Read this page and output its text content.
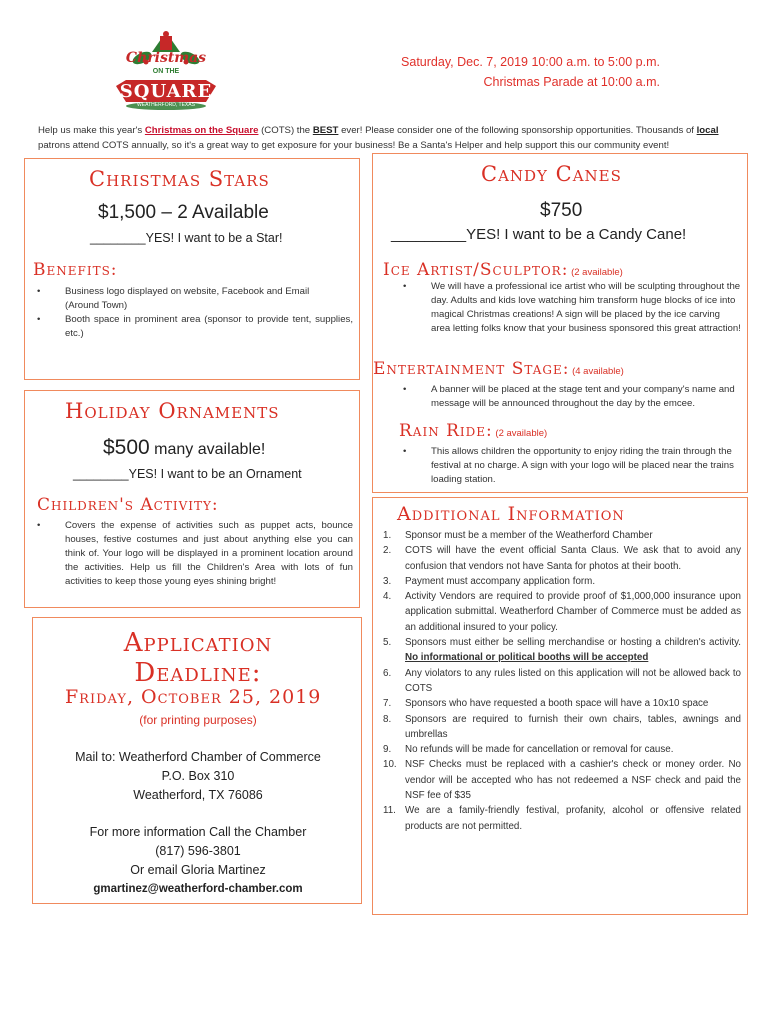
Christmas
ON THE
SQUARE
WEATHERFORD, TEXAS
Saturday, Dec. 7, 2019 10:00 a.m. to 5:00 p.m.
Christmas Parade at 10:00 a.m.
Help us make this year's Christmas on the Square (COTS) the BEST ever! Please consider one of the following sponsorship opportunities. Thousands of local patrons attend COTS annually, so it's a great way to get exposure for your business! Be a Santa's Helper and help support this our community event!
Christmas Stars
$1,500 – 2 Available
________YES! I want to be a Star!
Benefits:
• Business logo displayed on website, Facebook and Email
(Around Town)
• Booth space in prominent area (sponsor to provide tent, supplies, etc.)
Holiday Ornaments
$500 many available!
________YES! I want to be an Ornament
Children's Activity:
• Covers the expense of activities such as puppet acts, bounce houses, festive costumes and just about anything else you can think of. Your logo will be displayed in a prominent location around the activities. Help us fill the Children's Area with lots of fun activities to keep those young eyes shining bright!
Application
Deadline:
Friday, October 25, 2019
(for printing purposes)
Mail to: Weatherford Chamber of Commerce
P.O. Box 310
Weatherford, TX 76086
For more information Call the Chamber
(817) 596-3801
Or email Gloria Martinez
gmartinez@weatherford-chamber.com
Candy Canes
$750
_________YES! I want to be a Candy Cane!
Ice Artist/Sculptor: (2 available)
• We will have a professional ice artist who will be sculpting throughout the day. Adults and kids love watching him transform huge blocks of ice into magical Christmas creations! A sign will be placed by the ice carving area letting folks know that your business sponsored this great attraction!
Entertainment Stage: (4 available)
• A banner will be placed at the stage tent and your company's name and message will be announced throughout the day by the emcee.
Rain Ride: (2 available)
• This allows children the opportunity to enjoy riding the train through the festival at no charge. A sign with your logo will be placed near the trains loading station.
Additional Information
1. Sponsor must be a member of the Weatherford Chamber
2. COTS will have the event official Santa Claus. We ask that to avoid any confusion that vendors not have Santa for photos at their booth.
3. Payment must accompany application form.
4. Activity Vendors are required to provide proof of $1,000,000 insurance upon application submittal. Weatherford Chamber of Commerce must be added as an additional insured to your policy.
5. Sponsors must either be selling merchandise or hosting a children's activity. No informational or political booths will be accepted
6. Any violators to any rules listed on this application will not be allowed back to COTS
7. Sponsors who have requested a booth space will have a 10x10 space
8. Sponsors are required to furnish their own chairs, tables, awnings and umbrellas
9. No refunds will be made for cancellation or removal for cause.
10. NSF Checks must be replaced with a cashier's check or money order. No vendor will be accepted who has not redeemed a NSF check and paid the NSF fee of $35
11. We are a family-friendly festival, profanity, alcohol or offensive related products are not permitted.
